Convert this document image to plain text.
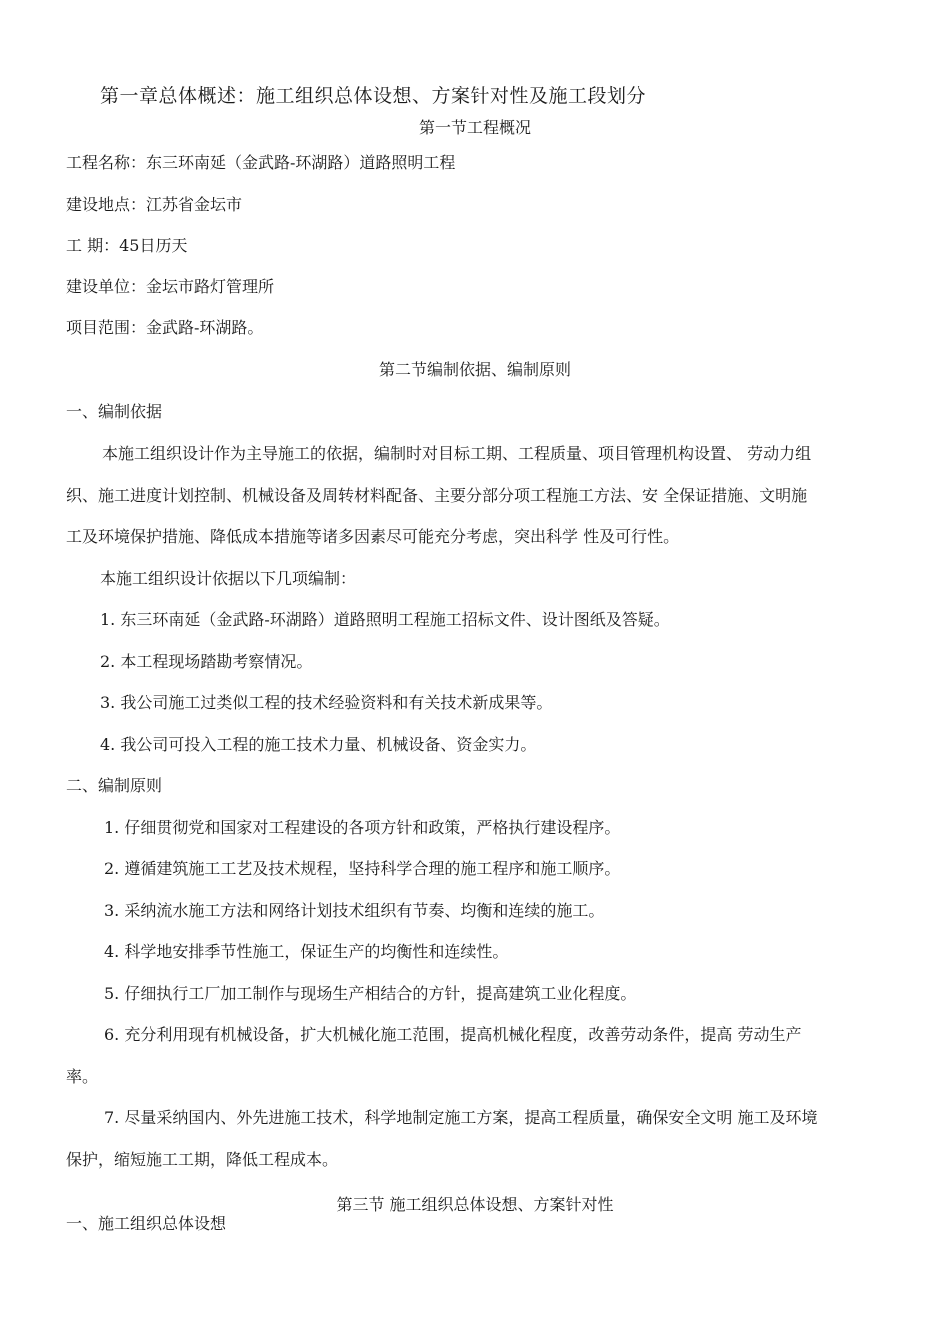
第一章总体概述：施工组织总体设想、方案针对性及施工段划分
第一节工程概况
工程名称：东三环南延（金武路-环湖路）道路照明工程
建设地点：江苏省金坛市
工 期：45日历天
建设单位：金坛市路灯管理所
项目范围：金武路-环湖路。
第二节编制依据、编制原则
一、编制依据
本施工组织设计作为主导施工的依据，编制时对目标工期、工程质量、项目管理机构设置、 劳动力组
织、施工进度计划控制、机械设备及周转材料配备、主要分部分项工程施工方法、安 全保证措施、文明施
工及环境保护措施、降低成本措施等诸多因素尽可能充分考虑，突出科学 性及可行性。
本施工组织设计依据以下几项编制：
1. 东三环南延（金武路-环湖路）道路照明工程施工招标文件、设计图纸及答疑。
2. 本工程现场踏勘考察情况。
3. 我公司施工过类似工程的技术经验资料和有关技术新成果等。
4. 我公司可投入工程的施工技术力量、机械设备、资金实力。
二、编制原则
1. 仔细贯彻党和国家对工程建设的各项方针和政策，严格执行建设程序。
2. 遵循建筑施工工艺及技术规程，坚持科学合理的施工程序和施工顺序。
3. 采纳流水施工方法和网络计划技术组织有节奏、均衡和连续的施工。
4. 科学地安排季节性施工，保证生产的均衡性和连续性。
5. 仔细执行工厂加工制作与现场生产相结合的方针，提高建筑工业化程度。
6. 充分利用现有机械设备，扩大机械化施工范围，提高机械化程度，改善劳动条件，提高 劳动生产
率。
7. 尽量采纳国内、外先进施工技术，科学地制定施工方案，提高工程质量，确保安全文明 施工及环境
保护，缩短施工工期，降低工程成本。
第三节 施工组织总体设想、方案针对性
一、施工组织总体设想
